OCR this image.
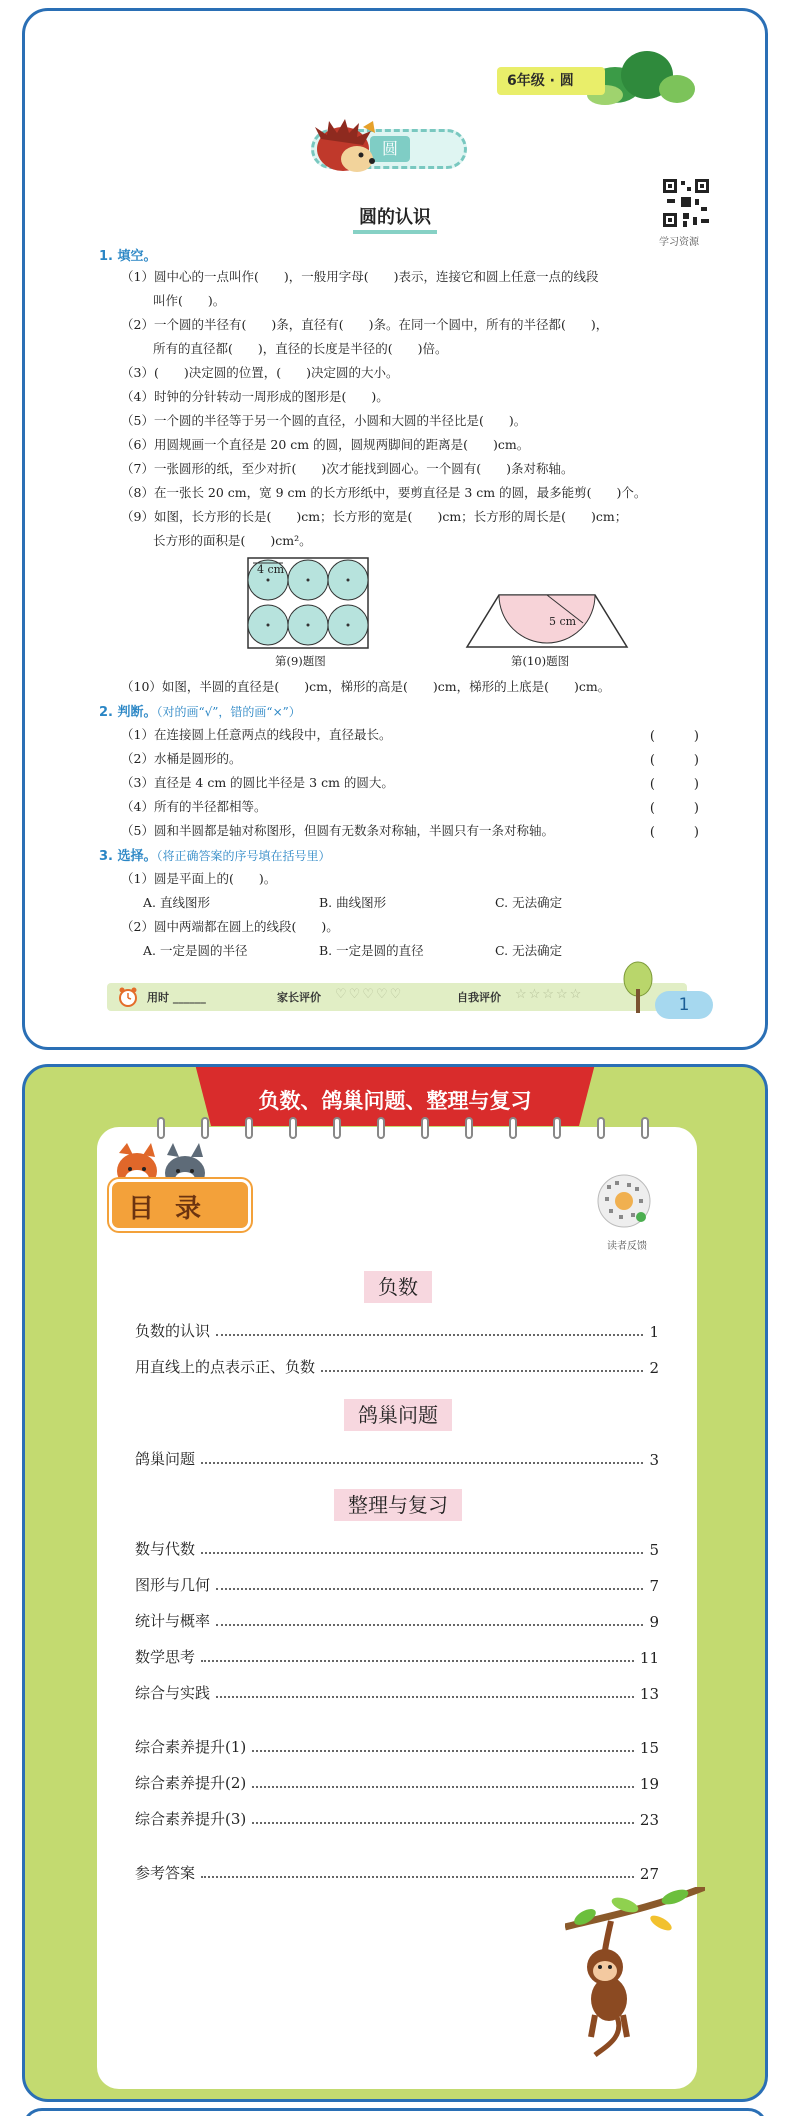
6年级 · 圆
圆
学习资源
圆的认识
1. 填空。
（1）圆中心的一点叫作(　　)，一般用字母(　　)表示，连接它和圆上任意一点的线段
叫作(　　)。
（2）一个圆的半径有(　　)条，直径有(　　)条。在同一个圆中，所有的半径都(　　)，
所有的直径都(　　)，直径的长度是半径的(　　)倍。
（3）(　　)决定圆的位置，(　　)决定圆的大小。
（4）时钟的分针转动一周形成的图形是(　　)。
（5）一个圆的半径等于另一个圆的直径，小圆和大圆的半径比是(　　)。
（6）用圆规画一个直径是 20 cm 的圆，圆规两脚间的距离是(　　)cm。
（7）一张圆形的纸，至少对折(　　)次才能找到圆心。一个圆有(　　)条对称轴。
（8）在一张长 20 cm，宽 9 cm 的长方形纸中，要剪直径是 3 cm 的圆，最多能剪(　　)个。
（9）如图，长方形的长是(　　)cm；长方形的宽是(　　)cm；长方形的周长是(　　)cm；
长方形的面积是(　　)cm²。
4 cm
第(9)题图
5 cm
第(10)题图
（10）如图，半圆的直径是(　　)cm，梯形的高是(　　)cm，梯形的上底是(　　)cm。
2. 判断。（对的画“√”，错的画“×”）
（1）在连接圆上任意两点的线段中，直径最长。	(　　　)
（2）水桶是圆形的。	(　　　)
（3）直径是 4 cm 的圆比半径是 3 cm 的圆大。	(　　　)
（4）所有的半径都相等。	(　　　)
（5）圆和半圆都是轴对称图形，但圆有无数条对称轴，半圆只有一条对称轴。	(　　　)
3. 选择。（将正确答案的序号填在括号里）
（1）圆是平面上的(　　)。
A. 直线图形	B. 曲线图形	C. 无法确定
（2）圆中两端都在圆上的线段(　　)。
A. 一定是圆的半径	B. 一定是圆的直径	C. 无法确定
用时 ______	家长评价 ♡♡♡♡♡	自我评价 ☆☆☆☆☆
1
负数、鸽巢问题、整理与复习
目 录
读者反馈
负数
负数的认识	1
用直线上的点表示正、负数	2
鸽巢问题
鸽巢问题	3
整理与复习
数与代数	5
图形与几何	7
统计与概率	9
数学思考	11
综合与实践	13
综合素养提升(1)	15
综合素养提升(2)	19
综合素养提升(3)	23
参考答案	27
